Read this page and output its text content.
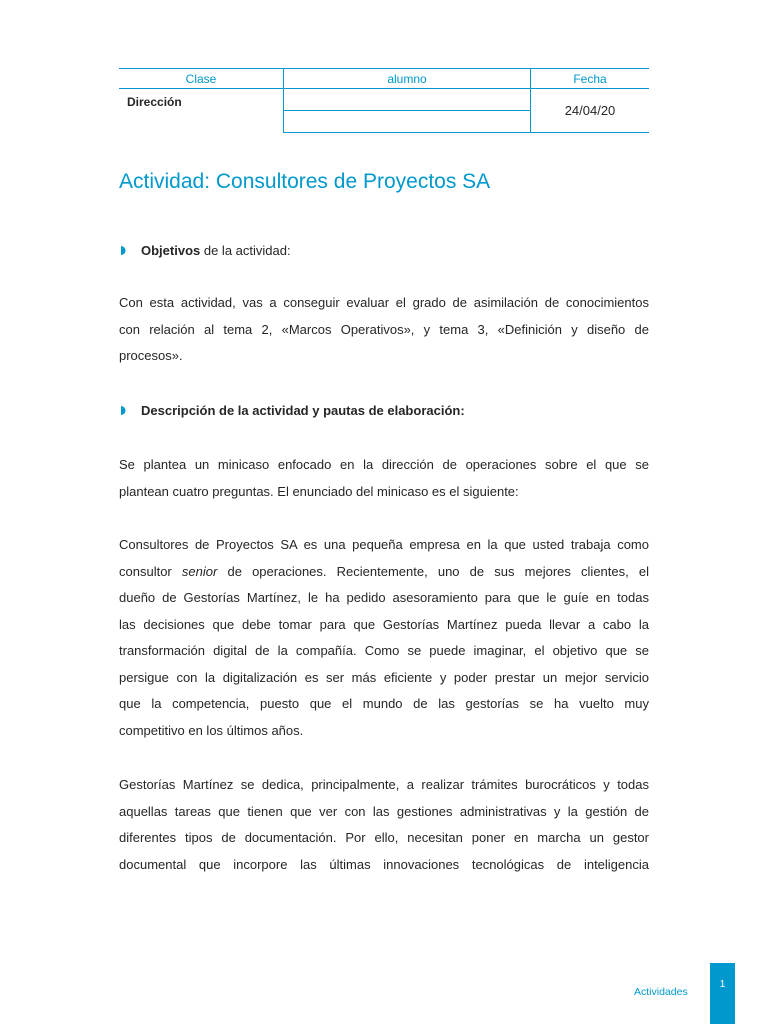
Clase	alumno	Fecha
Dirección		24/04/20

Actividad: Consultores de Proyectos SA
Objetivos de la actividad:
Con esta actividad, vas a conseguir evaluar el grado de asimilación de conocimientos
con relación al tema 2, «Marcos Operativos», y tema 3, «Definición y diseño de
procesos».
Descripción de la actividad y pautas de elaboración:
Se plantea un minicaso enfocado en la dirección de operaciones sobre el que se
plantean cuatro preguntas. El enunciado del minicaso es el siguiente:
Consultores de Proyectos SA es una pequeña empresa en la que usted trabaja como
consultor senior de operaciones. Recientemente, uno de sus mejores clientes, el
dueño de Gestorías Martínez, le ha pedido asesoramiento para que le guíe en todas
las decisiones que debe tomar para que Gestorías Martínez pueda llevar a cabo la
transformación digital de la compañía. Como se puede imaginar, el objetivo que se
persigue con la digitalización es ser más eficiente y poder prestar un mejor servicio
que la competencia, puesto que el mundo de las gestorías se ha vuelto muy
competitivo en los últimos años.
Gestorías Martínez se dedica, principalmente, a realizar trámites burocráticos y todas
aquellas tareas que tienen que ver con las gestiones administrativas y la gestión de
diferentes tipos de documentación. Por ello, necesitan poner en marcha un gestor
documental que incorpore las últimas innovaciones tecnológicas de inteligencia
Actividades
1
